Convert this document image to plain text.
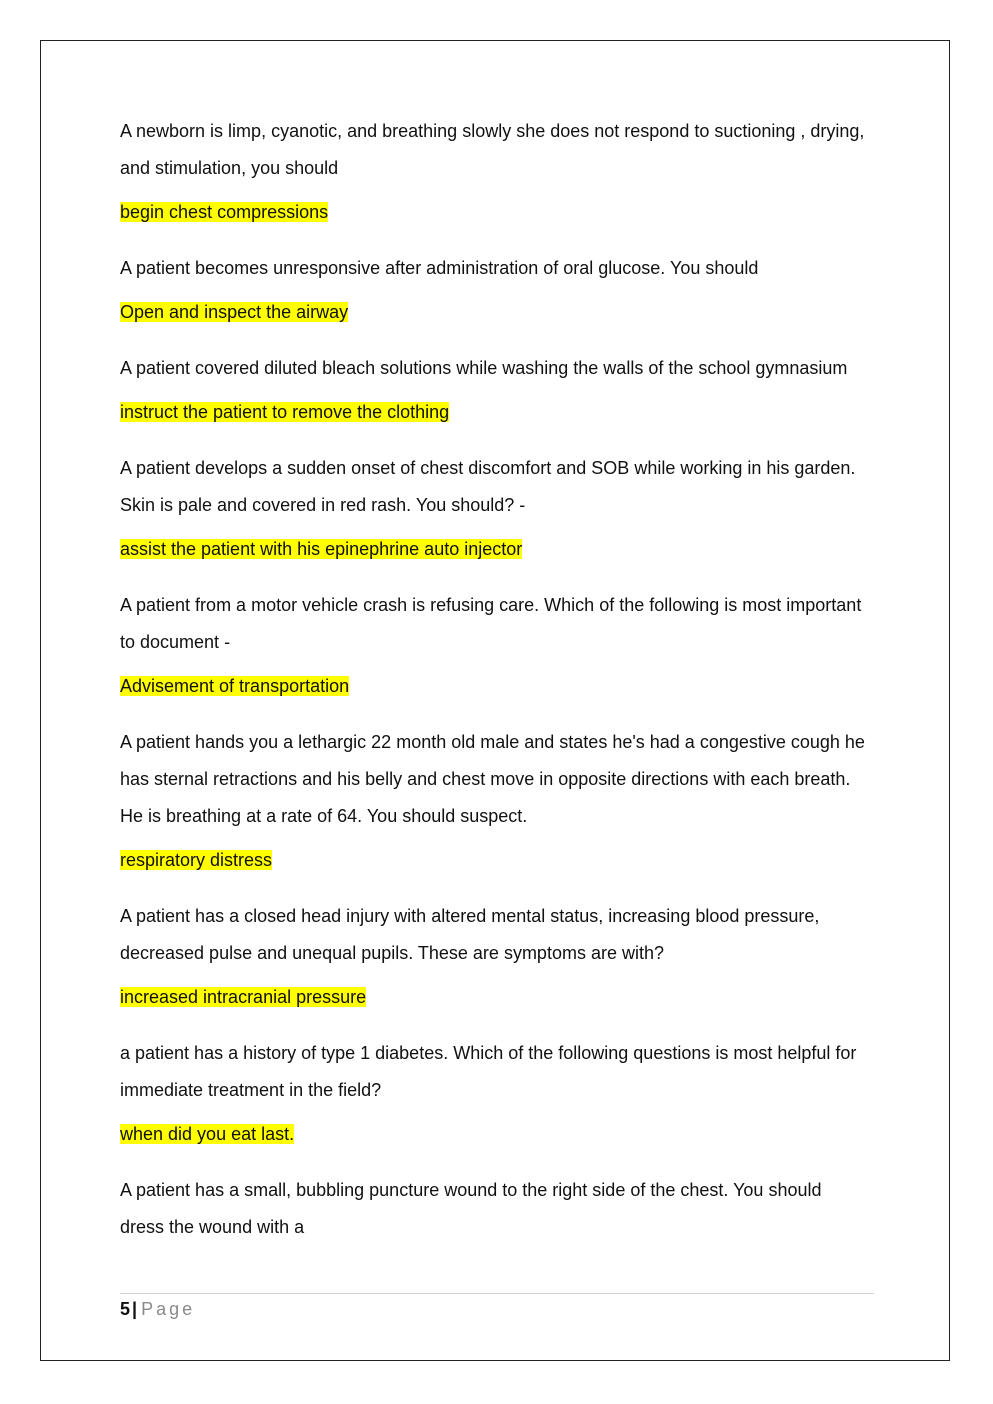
A newborn is limp, cyanotic, and breathing slowly she does not respond to suctioning , drying, and stimulation, you should

begin chest compressions

A patient becomes unresponsive after administration of oral glucose. You should

Open and inspect the airway

A patient covered diluted bleach solutions while washing the walls of the school gymnasium

instruct the patient to remove the clothing

A patient develops a sudden onset of chest discomfort and SOB while working in his garden. Skin is pale and covered in red rash. You should? -

assist the patient with his epinephrine auto injector

A patient from a motor vehicle crash is refusing care. Which of the following is most important to document -

Advisement of transportation

A patient hands you a lethargic 22 month old male and states he's had a congestive cough he has sternal retractions and his belly and chest move in opposite directions with each breath. He is breathing at a rate of 64. You should suspect.

respiratory distress

A patient has a closed head injury with altered mental status, increasing blood pressure, decreased pulse and unequal pupils. These are symptoms are with?

increased intracranial pressure

a patient has a history of type 1 diabetes. Which of the following questions is most helpful for immediate treatment in the field?

when did you eat last.

A patient has a small, bubbling puncture wound to the right side of the chest. You should dress the wound with a

5 | Page
